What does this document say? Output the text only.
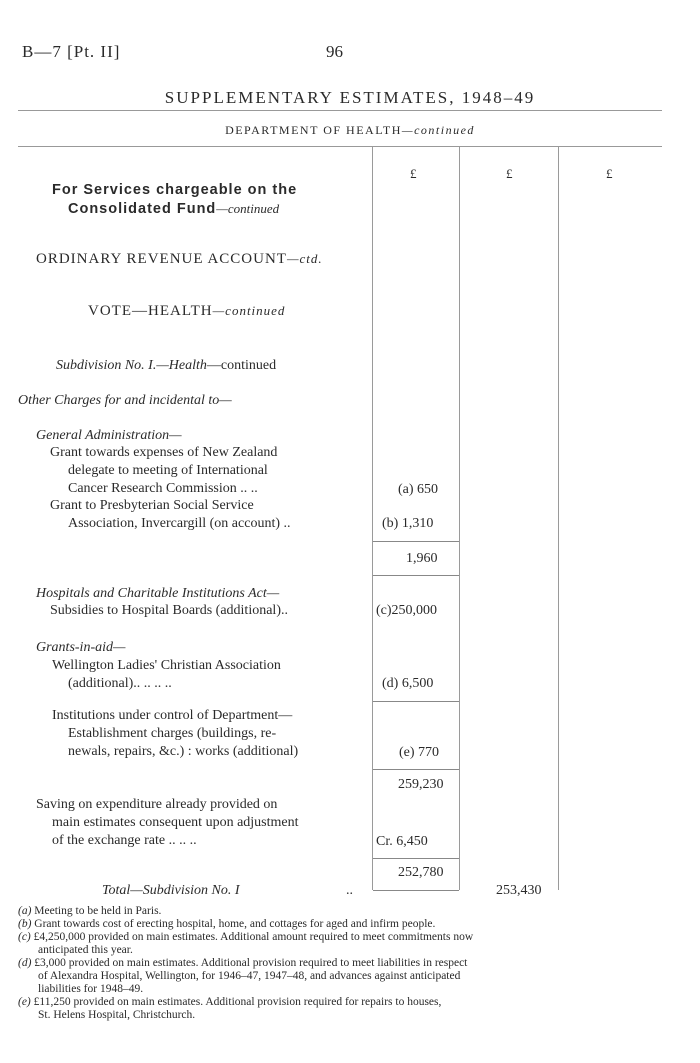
B—7 [Pt. II]	96
SUPPLEMENTARY ESTIMATES, 1948–49
DEPARTMENT OF HEALTH—continued
£	£	£
For Services chargeable on the
Consolidated Fund—continued
ORDINARY REVENUE ACCOUNT—ctd.
VOTE—HEALTH—continued
Subdivision No. I.—Health—continued
Other Charges for and incidental to—
General Administration—
Grant towards expenses of New Zealand
delegate to meeting of International
Cancer Research Commission .. ..	(a) 650
Grant to Presbyterian Social Service
Association, Invercargill (on account) ..	(b) 1,310
1,960
Hospitals and Charitable Institutions Act—
Subsidies to Hospital Boards (additional)..	(c)250,000
Grants-in-aid—
Wellington Ladies' Christian Association
(additional).. .. .. ..	(d) 6,500
Institutions under control of Department—
Establishment charges (buildings, re-
newals, repairs, &c.) : works (additional)	(e) 770
259,230
Saving on expenditure already provided on
main estimates consequent upon adjustment
of the exchange rate .. .. ..	Cr. 6,450
252,780
Total—Subdivision No. I	..	253,430
(a) Meeting to be held in Paris.
(b) Grant towards cost of erecting hospital, home, and cottages for aged and infirm people.
(c) £4,250,000 provided on main estimates. Additional amount required to meet commitments now
anticipated this year.
(d) £3,000 provided on main estimates. Additional provision required to meet liabilities in respect
of Alexandra Hospital, Wellington, for 1946–47, 1947–48, and advances against anticipated
liabilities for 1948–49.
(e) £11,250 provided on main estimates. Additional provision required for repairs to houses,
St. Helens Hospital, Christchurch.
